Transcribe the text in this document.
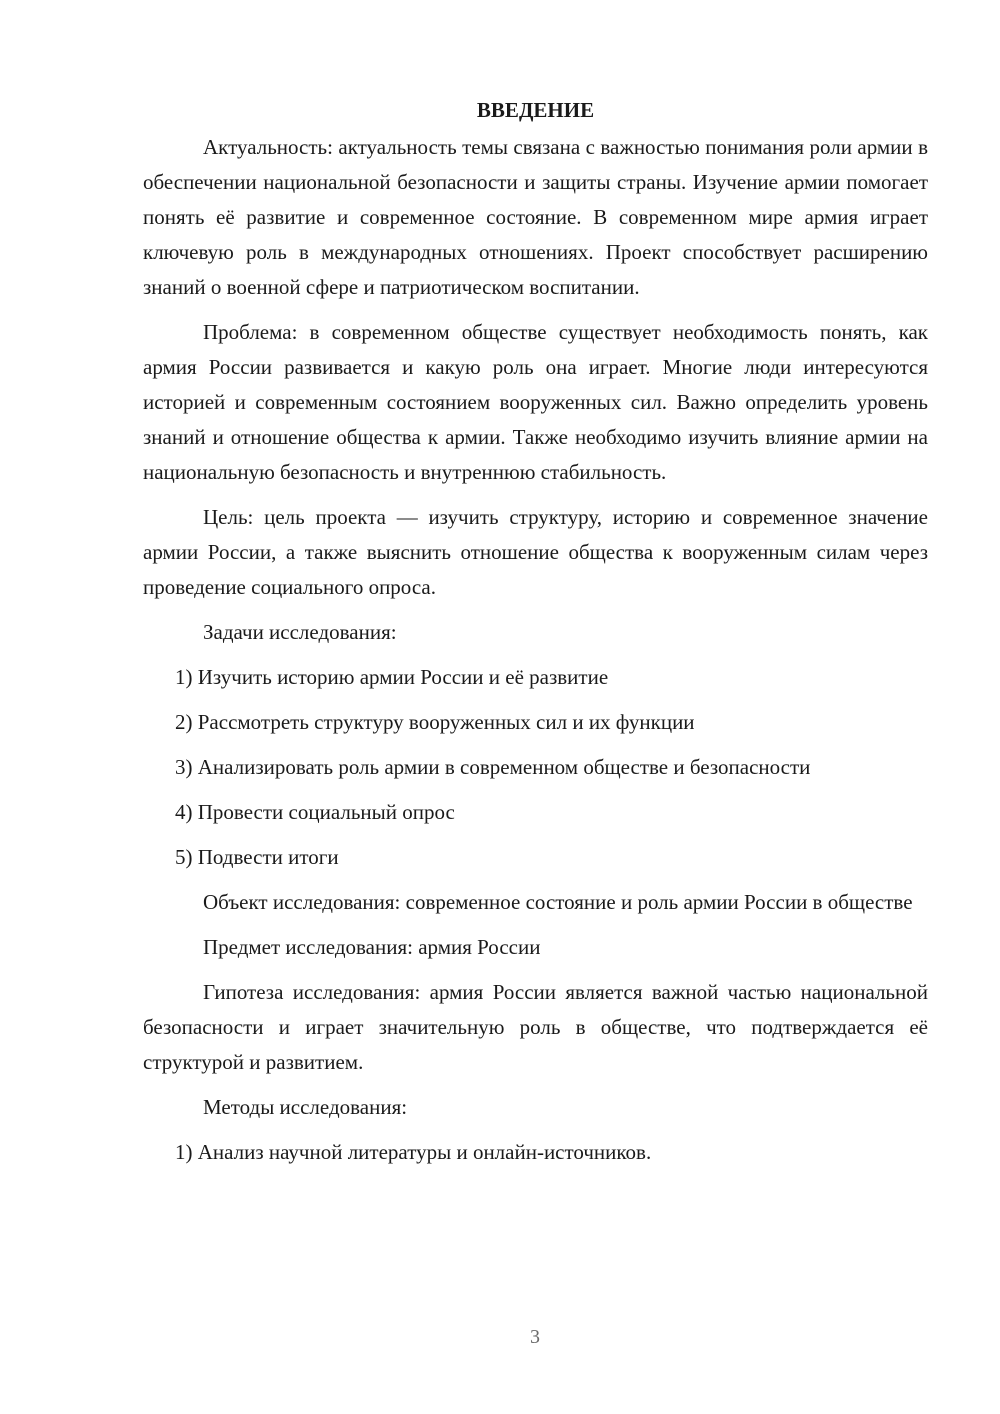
ВВЕДЕНИЕ

Актуальность: актуальность темы связана с важностью понимания роли армии в обеспечении национальной безопасности и защиты страны. Изучение армии помогает понять её развитие и современное состояние. В современном мире армия играет ключевую роль в международных отношениях. Проект способствует расширению знаний о военной сфере и патриотическом воспитании.

Проблема: в современном обществе существует необходимость понять, как армия России развивается и какую роль она играет. Многие люди интересуются историей и современным состоянием вооруженных сил. Важно определить уровень знаний и отношение общества к армии. Также необходимо изучить влияние армии на национальную безопасность и внутреннюю стабильность.

Цель: цель проекта — изучить структуру, историю и современное значение армии России, а также выяснить отношение общества к вооруженным силам через проведение социального опроса.

Задачи исследования:

1) Изучить историю армии России и её развитие

2) Рассмотреть структуру вооруженных сил и их функции

3) Анализировать роль армии в современном обществе и безопасности

4) Провести социальный опрос

5) Подвести итоги

Объект исследования: современное состояние и роль армии России в обществе

Предмет исследования: армия России

Гипотеза исследования: армия России является важной частью национальной безопасности и играет значительную роль в обществе, что подтверждается её структурой и развитием.

Методы исследования:

1) Анализ научной литературы и онлайн-источников.

3
